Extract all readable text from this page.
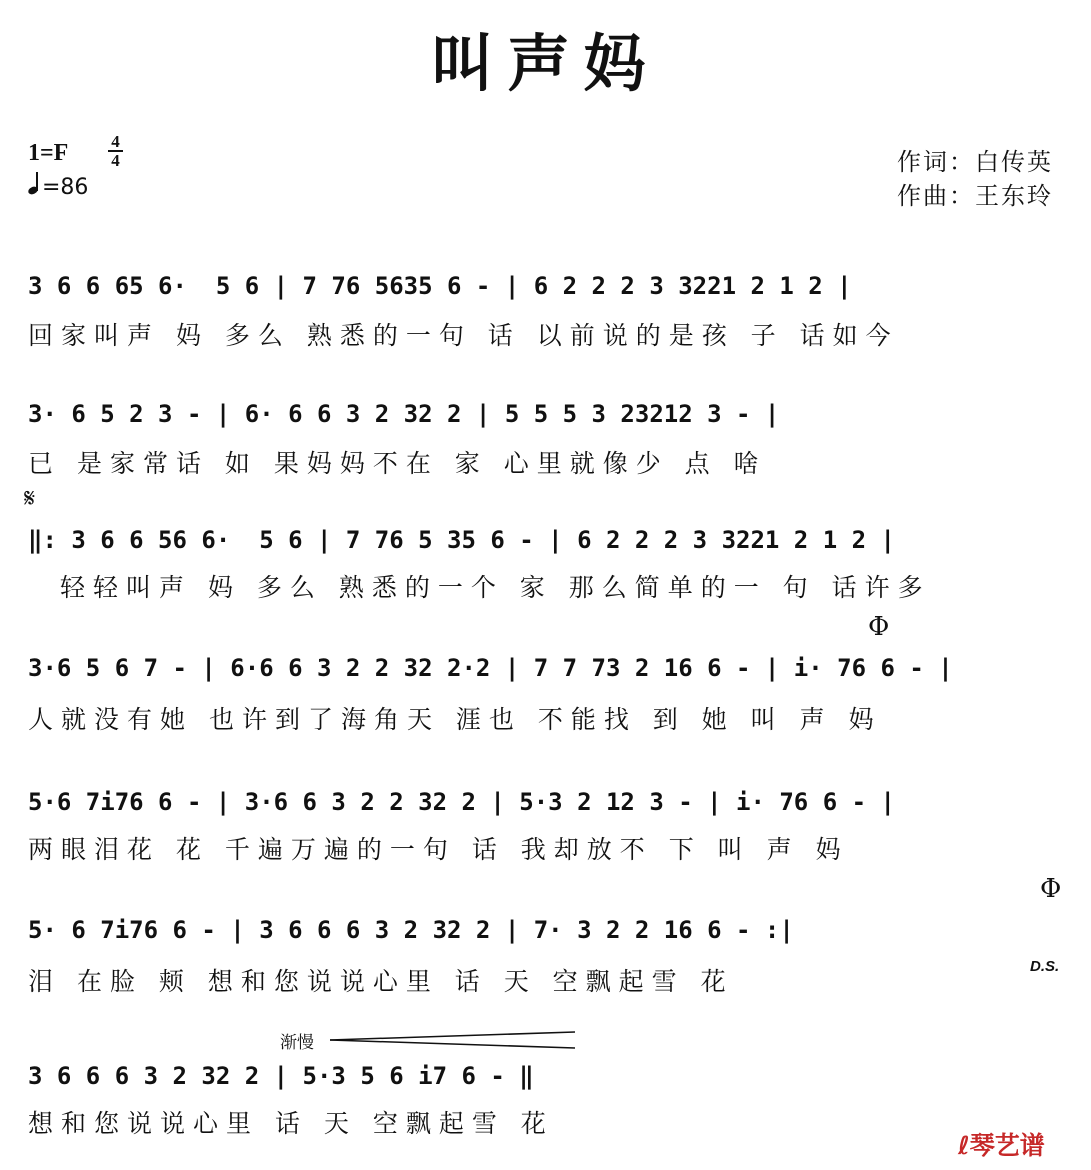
叫声妈
1=F	4
4
=86
作词：白传英
作曲：王东玲
3 6 6 65 6·  5 6 | 7 76 5635 6 - | 6 2 2 2 3 3221 2 1 2 |
回家叫声 妈 多么 熟悉的一句 话 以前说的是孩 子 话如今
3· 6 5 2 3 - | 6· 6 6 3 2 32 2 | 5 5 5 3 23212 3 - |
已 是家常话 如 果妈妈不在 家 心里就像少 点 啥
𝄋
‖: 3 6 6 56 6·  5 6 | 7 76 5 35 6 - | 6 2 2 2 3 3221 2 1 2 |
轻轻叫声 妈 多么 熟悉的一个 家 那么简单的一 句 话许多
Φ
3·6 5 6 7 - | 6·6 6 3 2 2 32 2·2 | 7 7 73 2 16 6 - | i· 76 6 - |
人就没有她 也许到了海角天 涯也 不能找 到 她 叫 声 妈
5·6 7i76 6 - | 3·6 6 3 2 2 32 2 | 5·3 2 12 3 - | i· 76 6 - |
两眼泪花 花 千遍万遍的一句 话 我却放不 下 叫 声 妈
Φ
5· 6 7i76 6 - | 3 6 6 6 3 2 32 2 | 7· 3 2 2 16 6 - :|
泪 在脸 颊 想和您说说心里 话 天 空飘起雪 花
D.S.
渐慢
3 6 6 6 3 2 32 2 | 5·3 5 6 i7 6 - ‖
想和您说说心里 话 天 空飘起雪 花
ℓ琴艺谱
